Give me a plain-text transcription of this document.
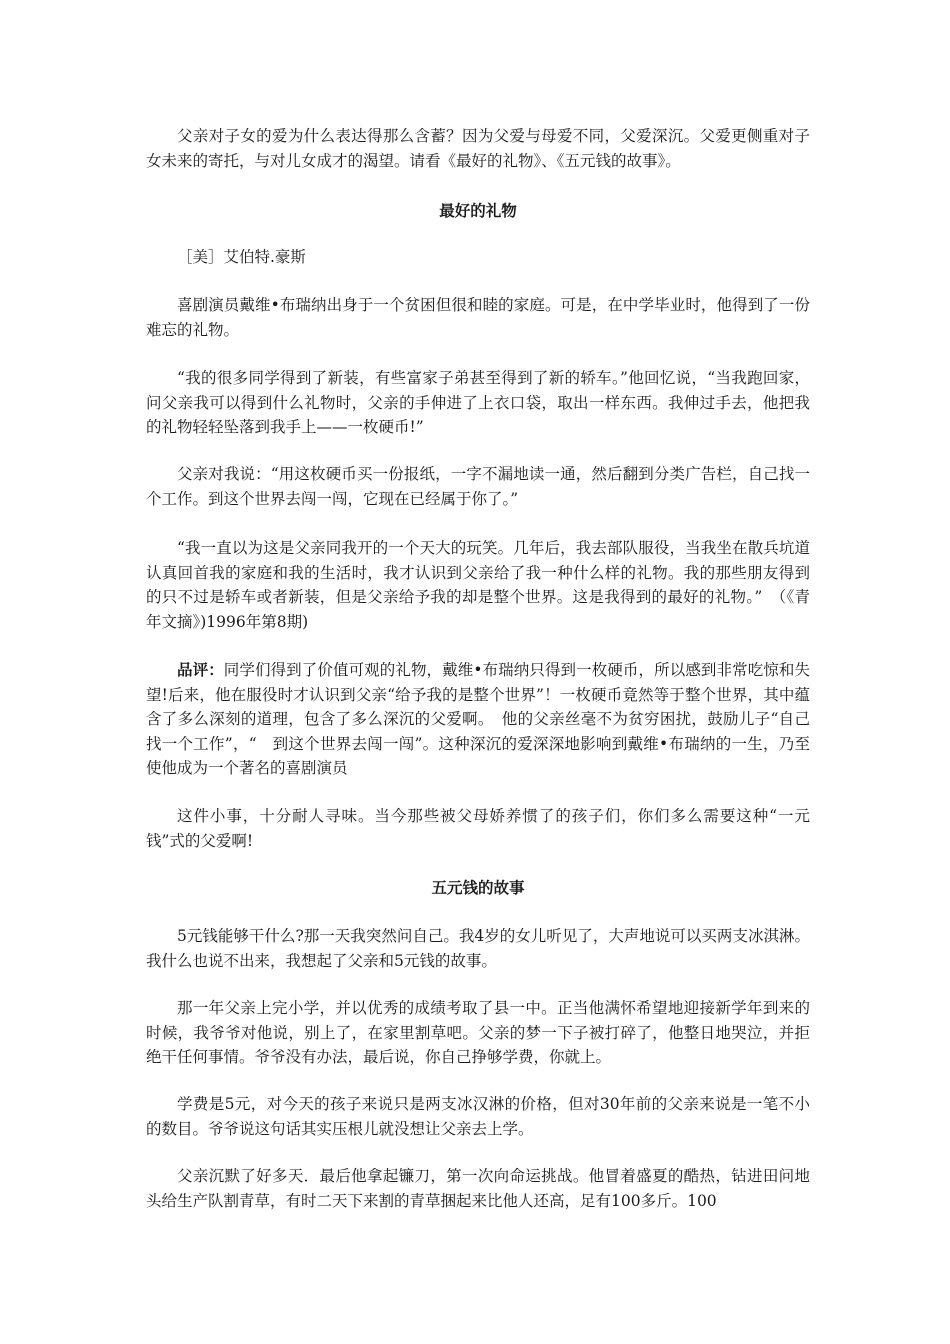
父亲对子女的爱为什么表达得那么含蓄？因为父爱与母爱不同，父爱深沉。父爱更侧重对子女未来的寄托，与对儿女成才的渴望。请看《最好的礼物》、《五元钱的故事》。

最好的礼物

［美］艾伯特.豪斯

喜剧演员戴维•布瑞纳出身于一个贫困但很和睦的家庭。可是，在中学毕业时，他得到了一份难忘的礼物。

“我的很多同学得到了新装，有些富家子弟甚至得到了新的轿车。”他回忆说，“当我跑回家，问父亲我可以得到什么礼物时，父亲的手伸进了上衣口袋，取出一样东西。我伸过手去，他把我的礼物轻轻坠落到我手上——一枚硬币!”

父亲对我说：“用这枚硬币买一份报纸，一字不漏地读一通，然后翻到分类广告栏，自己找一个工作。到这个世界去闯一闯，它现在已经属于你了。”

“我一直以为这是父亲同我开的一个天大的玩笑。几年后，我去部队服役，当我坐在散兵坑道认真回首我的家庭和我的生活时，我才认识到父亲给了我一种什么样的礼物。我的那些朋友得到的只不过是轿车或者新装，但是父亲给予我的却是整个世界。这是我得到的最好的礼物。”　（《青年文摘》)1996年第8期)

品评：同学们得到了价值可观的礼物，戴维•布瑞纳只得到一枚硬币，所以感到非常吃惊和失望!后来，他在服役时才认识到父亲“给予我的是整个世界”！一枚硬币竟然等于整个世界，其中蕴含了多么深刻的道理，包含了多么深沉的父爱啊。　他的父亲丝毫不为贫穷困扰，鼓励儿子“自己找一个工作”，“　到这个世界去闯一闯”。这种深沉的爱深深地影响到戴维•布瑞纳的一生，乃至使他成为一个著名的喜剧演员

这件小事，十分耐人寻味。当今那些被父母娇养惯了的孩子们，你们多么需要这种“一元钱”式的父爱啊!

五元钱的故事

5元钱能够干什么?那一天我突然问自己。我4岁的女儿听见了，大声地说可以买两支冰淇淋。我什么也说不出来，我想起了父亲和5元钱的故事。

那一年父亲上完小学，并以优秀的成绩考取了县一中。正当他满怀希望地迎接新学年到来的时候，我爷爷对他说，别上了，在家里割草吧。父亲的梦一下子被打碎了，他整日地哭泣，并拒绝干任何事情。爷爷没有办法，最后说，你自己挣够学费，你就上。

学费是5元，对今天的孩子来说只是两支冰汉淋的价格，但对30年前的父亲来说是一笔不小的数目。爷爷说这句话其实压根儿就没想让父亲去上学。

父亲沉默了好多天．最后他拿起镰刀，第一次向命运挑战。他冒着盛夏的酷热，钻进田问地头给生产队割青草，有时二天下来割的青草捆起来比他人还高，足有100多斤。100
